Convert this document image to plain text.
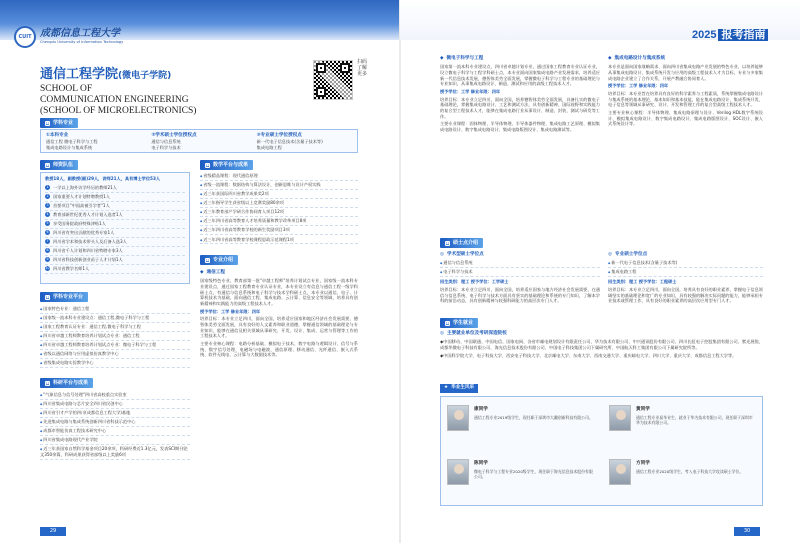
CUIT 成都信息工程大学
Chengdu University of Information Technology
通信工程学院(微电子学院)
SCHOOL OF
COMMUNICATION ENGINEERING
(SCHOOL OF MICROELECTRONICS)
扫码了解更多
■ 学科专业
①本科专业
通信工程 微电子科学与工程
集成电路设计与集成系统
②学术硕士学位授权点
通信与信息系统
电子科学与技术
③专业硕士学位授权点
新一代电子信息技术(含量子技术等)
集成电路工程
■ 师资队伍
教授18人，副教授(副)29人，讲师21人，具有博士学位53人
1	一学以上海外访学经历的教师21人
2	国家重要人才计划特聘教授1人
3	首要项目"中国高被引学者"1人
4	教育部新世纪优秀人才计划入选者1人
5	享受国务院政府特殊津贴1人
6	四川省有突出贡献的优秀专家1人
7	四川省学术和技术带头人及后备人选3人
8	四川省千人计划和四川省特聘专家3人
9	四川省科技创新创业苗子人才计划1人
10 四川省教学名师1人
■ 学科专业平台
◆ 国家特色专业：通信工程
◆ 国家级一流本科专业建设点：通信工程,微电子科学与工程
◆ 国家工程教育认证专业：通信工程,微电子科学与工程
◆ 四川省卓越工程师教育培养计划试点专业：通信工程
◆ 四川省卓越工程师教育培养计划试点专业：微电子科学与工程
◆ 省级以通信网络与应用虚拟仿真教学中心
◆ 省级集成电路实验教学中心
■ 科研平台与成果
◆ "气象信息与信号处理"四川省高校重点实验室
◆ 四川省集成电路与芯片安全四川省民创中心
◆ 四川省引才产学的四川(成都信息工程大学)基地
◆ 先进集成电路与集成系统创新四川省科技示范中心
◆ 成都市智能仿真工程技术研究中心
◆ 四川省集成电路现代产业学院
◆ 近三年获国家自然科学基金项目20余项，科研经费近1.3亿元，发表SCI期刊论文350余篇，科研成果获得省部级以上奖励6项
■ 数学平台与成果
◆ 省级精品课程：现代通信原理
◆ 省级一流课程：数据结构与算法设计，创新思维与设计产权实践
◆ 近三年获国际四川省教学成果奖2项
◆ 近三年指导学生获省级以上竞赛奖励80余项
◆ 近三年教育部产学研合作协同育人项目12项
◆ 近三年四川省高等教育人才培养质量和教学改革项目8项
◆ 近三年四川省高等教育学校的新生奖励项目3项
◆ 近三年四川省高等教育学校课程思政示范课程1项
■ 专业介绍
◆ 通信工程
国家级特色专业，教育部第一批"卓越工程师"培养计划试点专业，国家级一流本科专业建设点，通过国家工程教育专业认证专业，本专业设立有信息与通信工程一级学科硕士点，有通信与信息系统和电子科学与技术学科硕士点，本专业以通信、电子、计算机技术为基础，面向通信工程、集成电路、云计算、信息安全等领域，培养具有创新精神和实践能力的高级工程技术人才。
授予学位：工学 修业年限：四年
培养目标：本专业立足四川，面向全国，培养适应国家和地区经济社会发展需要，德智体美劳全面发展，具有良好的人文素养和职业道德，掌握通信领域的基础理论与专业知识，能够在通信及相关领域从事研究、开发、设计、集成、运营与管理等工作的工程技术人才。
主要专业核心课程：电路分析基础、模拟电子技术、数字电路与逻辑设计、信号与系统、数字信号处理、电磁场与电磁波、通信原理、移动通信、光纤通信、嵌入式系统、软件无线电、云计算与大数据技术等。
29
2025 报考指南
◆ 微电子科学与工程
国家第一流本科专业建设点，四川省卓越计划专业，通过国家工程教育专业认证专业，设立微电子科学与工程学科硕士点，本专业面向国家集成电路产业发展需求，培养适应新一代信息技术发展，德智体美劳全面发展，掌握微电子科学与工程专业的基础理论与专业知识，从事集成电路设计、制造、测试和应用的高级工程技术人才。
授予学位：工学 修业年限：四年
培养目标：本专业立足四川，面向全国，培养德智体美劳全面发展，具备扎实的微电子基础理论，掌握集成电路设计、工艺和测试方法，具有创新精神、国际视野和实践能力的复合型工程技术人才，能够在集成电路行业从事设计、制造、封装、测试与研发等工作。
主要专业课程：固体物理、半导体物理、半导体器件物理、集成电路工艺原理、模拟集成电路设计、数字集成电路设计、集成电路版图设计、集成电路测试等。
◆ 集成电路设计与集成系统
本专业是面向国家战略需求、面向四川省集成电路产业发展的特色专业，以培养能够从事集成电路设计、集成系统开发与应用的高级工程技术人才为目标，专业与多家集成电路企业建立了合作关系，开展产教融合协同育人。
授予学位：工学 修业年限：四年
培养目标：本专业旨在培养具有良好的科学素养与工程素质，系统掌握集成电路设计与集成系统的基本理论、基本知识和基本技能，能在集成电路设计、集成系统开发、电子信息等领域从事研究、设计、开发和管理工作的复合型高级工程技术人才。
主要专业核心课程：半导体物理、集成电路原理与设计、Verilog HDL数字系统设计、模拟集成电路设计、数字集成电路设计、集成电路版图设计、SOC设计、嵌入式系统设计等。
■ 硕士点介绍
◎ 学术型硕士学位点
◆ 通信与信息系统
◆ 电子科学与技术
招生类别：理工 授予学位：工学硕士
培养目标：本专业立足四川，面向全国，培养适应国家与地方经济社会发展需要，在通信与信息系统、电子科学与技术方面具有坚实的基础理论和系统的专门知识，了解本学科的前沿动态，具有创新精神与较强科研能力的高层次专门人才。
◎ 专业硕士学位点
◆ 新一代电子信息技术(含量子技术等)
◆ 集成电路工程
招生类别：理工 授予学位：工程硕士
培养目标：本专业立足四川，面向全国，培养具有良好的职业素养，掌握电子信息领域坚实的基础理论和宽广的专业知识，具有较强的解决实际问题的能力，能够承担专业技术或管理工作，具有良好的职业素养的高层次应用型专门人才。
■ 学生就业
◎ 主要就业单位及考研深造院校
◆中国移动、中国联通、中国电信、国家电网、各省市邮电规划设计有限责任公司、华为技术有限公司、中兴通讯股份有限公司、四川长虹电子控股集团有限公司、紫光展锐、成都华微电子科技有限公司、海光信息技术股份有限公司、中国电子科技集团公司下属研究所、中国航天科工集团有限公司下属研究院所等。
◆中国科学院大学、电子科技大学、西安电子科技大学、北京邮电大学、东南大学、西南交通大学、重庆邮电大学、四川大学、重庆大学、成都信息工程大学等。
★ 毕业生风采
康同学
通信工程专业2019级学生，现任职于深圳市大疆创新科技有限公司。
黄同学
通信工程专业届毕业生，就业于华为技术有限公司，现任职于深圳市华为技术有限公司。
陈同学
微电子科学与工程专业2020级学生，现任职于海光信息技术股份有限公司。
方同学
通信工程专业2020级学生，考入电子科技大学攻读硕士学位。
30
